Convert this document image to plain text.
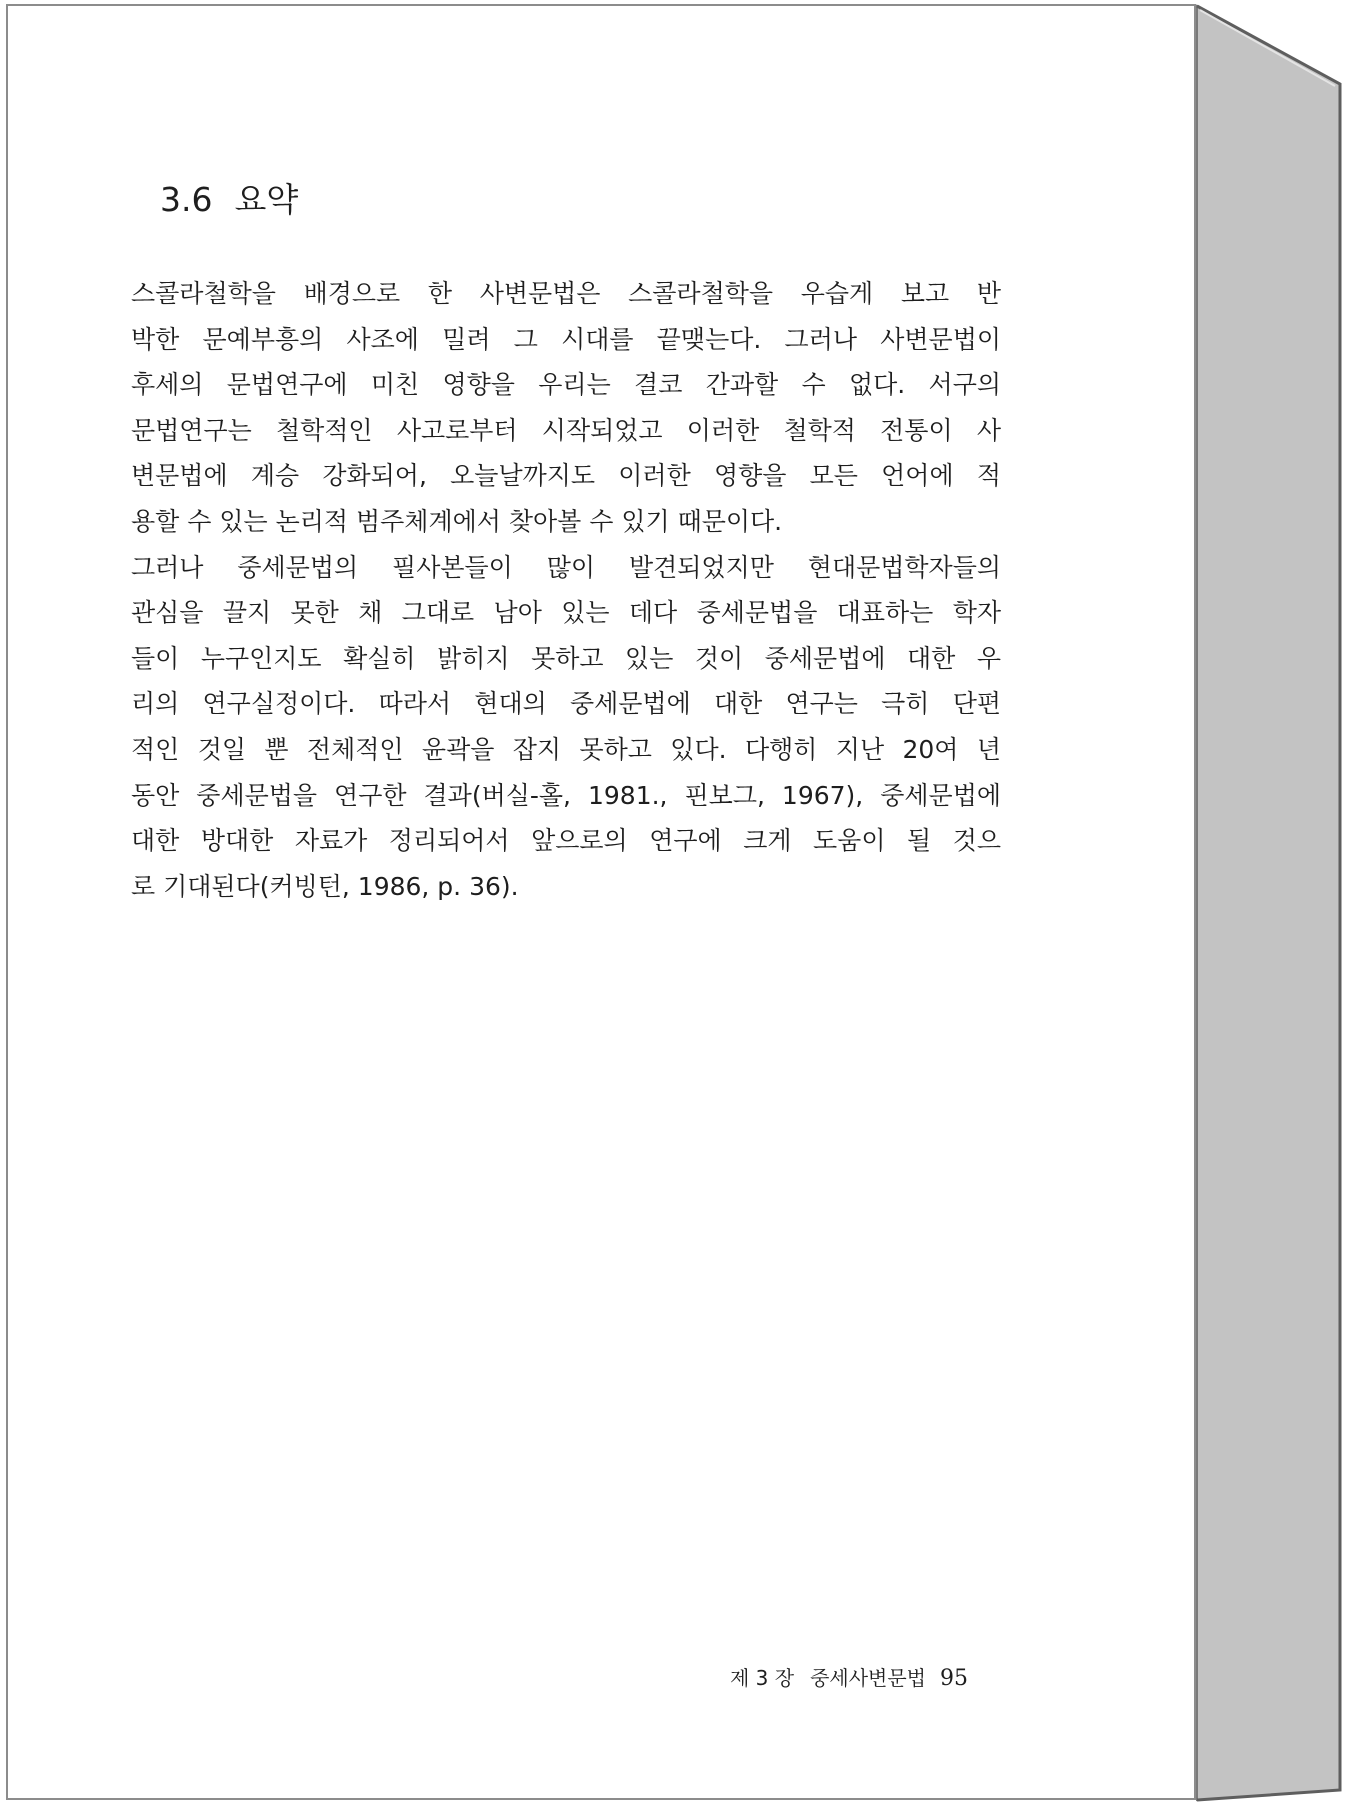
3.6 요약
스콜라철학을 배경으로 한 사변문법은 스콜라철학을 우습게 보고 반
박한 문예부흥의 사조에 밀려 그 시대를 끝맺는다. 그러나 사변문법이
후세의 문법연구에 미친 영향을 우리는 결코 간과할 수 없다. 서구의
문법연구는 철학적인 사고로부터 시작되었고 이러한 철학적 전통이 사
변문법에 계승 강화되어, 오늘날까지도 이러한 영향을 모든 언어에 적
용할 수 있는 논리적 범주체계에서 찾아볼 수 있기 때문이다.
그러나 중세문법의 필사본들이 많이 발견되었지만 현대문법학자들의
관심을 끌지 못한 채 그대로 남아 있는 데다 중세문법을 대표하는 학자
들이 누구인지도 확실히 밝히지 못하고 있는 것이 중세문법에 대한 우
리의 연구실정이다. 따라서 현대의 중세문법에 대한 연구는 극히 단편
적인 것일 뿐 전체적인 윤곽을 잡지 못하고 있다. 다행히 지난 20여 년
동안 중세문법을 연구한 결과(버실-홀, 1981., 핀보그, 1967), 중세문법에
대한 방대한 자료가 정리되어서 앞으로의 연구에 크게 도움이 될 것으
로 기대된다(커빙턴, 1986, p. 36).
제 3 장 중세사변문법 95
